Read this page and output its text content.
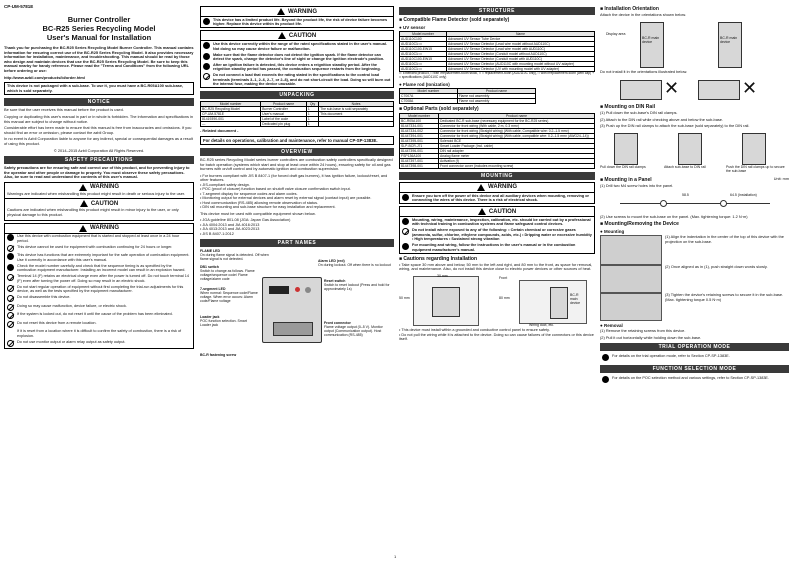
CP-UM-5781E
Burner Controller
BC-R25 Series Recycling Model
User's Manual for Installation

Thank you for purchasing the BC-R25 Series Recycling Model Burner Controller. This manual contains information for ensuring correct use of the BC-R25 Series Recycling Model. It also provides necessary information for installation, maintenance, and troubleshooting. This manual should be read by those who design and maintain devices that use the BC-R25 Series Recycling Model. Be sure to keep this manual nearby for handy reference. Please read the "Terms and Conditions" from the following URL before ordering or use:

http://www.azbil.com/products/bi/order.html

This device is not packaged with a sub-base. To use it, you must have a BC-R05A100 sub-base, which is sold separately.
NOTICE

Be sure that the user receives this manual before the product is used.

Copying or duplicating this user's manual in part or in whole is forbidden. The information and specifications in this manual are subject to change without notice.

Considerable effort has been made to ensure that this manual is free from inaccuracies and omissions. If you should find an error or omission, please contact the azbil Group.

In no event is Azbil Corporation liable to anyone for any indirect, special or consequential damages as a result of using this product.

© 2014–2015 Azbil Corporation All Rights Reserved.

SAFETY PRECAUTIONS

Safety precautions are for ensuring safe and correct use of this product, and for preventing injury to the operator and other people or damage to property. You must observe these safety precautions. Also, be sure to read and understand the contents of this user's manual.

WARNING
Warnings are indicated when mishandling this product might result in death or serious injury to the user.
CAUTION
Cautions are indicated when mishandling this product might result in minor injury to the user, or only physical damage to this product.
WARNING
Use this device with combustion equipment that is started and stopped at least once in a 24 hour period.
This device cannot be used for equipment with combustion continuing for 24 hours or longer.
This device has functions that are extremely important for the safe operation of combustion equipment. Use it correctly in accordance with this user's manual.
Check the model number carefully and check that the sequence timing is as specified by the combustion equipment manufacturer. Installing an incorrect model can result in an explosion hazard.
Terminal 14 (F) retains an electrical charge even after the power is turned off. Do not touch terminal 14 (F) even after turning the power off. Doing so may result in an electric shock.
Do not start regular operation of equipment without first completing the trial-run adjustments for this device, as well as the tests specified by the equipment manufacturer.
Do not disassemble this device.
Doing so may cause malfunction, device failure, or electric shock.
If the system is locked out, do not reset it until the cause of the problem has been eliminated.
Do not reset this device from a remote location.
If it is reset from a location where it is difficult to confirm the safety of combustion, there is a risk of explosion.
Do not use monitor output or alarm relay output as safety output.
WARNING
This device has a limited product life. Beyond the product life, the risk of device failure becomes higher. Replace this device within its product life.
CAUTION
Use this device correctly within the range of the rated specifications stated in the user's manual. Not doing so may cause device failure or malfunction.
Make sure that the flame detector does not detect the ignition spark. If the flame detector can detect the spark, change the detector's line of sight or change the ignition electrode's position.
After an ignition failure is detected, this device enters a reignition standby period. After the reignition standby period has passed, the combustion sequence restarts from the beginning.
Do not connect a load that exceeds the rating stated in the specifications to the control load terminals (terminals 3–1, 2–6, 2–7, or 2–8), and do not short-circuit the load. Doing so will burn out the internal fuse, making the device unusable.
UNPACKING
Model number	Product name	Qty	Notes
BC-R25 Recycling Model	Burner Controller	1	The sub-base is sold separately
CP-UM-5781E	User's manual	1	This document
81419390-001	Label of the code	1	
—	Dedicated pin plug	1	
- Related document -
For details on operations, calibration and maintenance, refer to manual CP-SP-1383E.
OVERVIEW

BC-R25 series Recycling Model series burner controllers are combustion safety controllers specifically designed for batch operation (systems which start and stop at least once within 24 hours), ensuring safety for oil and gas burners with on/off control and by automatic ignition and combustion supervision.

• For burners compliant with JIS B 8407-1 (for forced draft gas burners), it has ignition failure, lockout/reset, and other features.
• JIS-compliant safety design.
• POC (proof of closure) function based on shutoff valve closure confirmation switch input.
• 7-segment display for sequence codes and alarm codes.
• Monitoring output for external devices and alarm reset by external signal (contact input) are possible.
• Host communication (RS-485) allowing remote observation of status.
• DIN rail mounting and sub-base structure for easy installation and replacement.

This device must be used with compatible equipment shown below.

• JGA guideline 801-08 (JGA: Japan Gas Association)
• JIA 4004:2013 and JIA 4016:2013
• JIA 4013:2013 and JIA 4023:2013
• JIS B 8407-1:2012
PART NAMES
FLAME LED
On during flame signal is detected. Off when flame signal is not detected.
DB1 switch
Switch to change as follows. Flame voltage/sequence code/ Flame voltage/alarm code
7-segment LED
When normal: Sequence code/Flame voltage. When error occurs: Alarm code/Flame voltage
Loader jack
POC function selection. Smart Loader jack
BC-R fastening screw
Alarm LED (red)
On during lockout. Off when there is no lockout
Reset switch
Switch to reset lockout (Press and hold for approximately 1s)
Front connector
Flame voltage output (0–5 V). Monitor output (Communication output). Host communication (RS-485)
STRUCTURE
■ Compatible Flame Detector (sold separately)
● UV sensor
Model number	Name
AUD110C100	Advanced UV Sensor Tube Device
AUD110C1□□	Advanced UV Sensor Detector (Lead wire model without AUD110C)
AUD110C100-EW15	Advanced UV Sensor Detector (Lead wire model with AUD110C)
AUD110C1□□	Advanced UV Sensor Detector (Conduit model without AUD110C)
AUD110C100-EW15	Advanced UV Sensor Detector (Conduit model with AUD110C)
AUD110C1□□	Advanced UV Sensor Detector (AUD110C with mounting model without UV adapter)
AUD110C1□□	Advanced UV Sensor Detector (UV with mounting model with UV adapter)
□: Extended product, □ with irreplacement-tooth stock, □ = replacement-tooth (AUD110C only), □ with irreplacement-tooth (with cap) + □ specifications (AUD110C only)
● Flame rod (Ionization)
Model number	Product name
C7007A	Flame rod assembly
C7008A	Flame rod assembly
■ Optional Parts (sold separately)
Model number	Product name
BC-R05A100	Dedicated BC-R sub-base (necessary equipment for the BC-R25 series)
81447334-001	Connector for front wiring (With cable, 2 m, 0.3 mm²)
81447334-002	Connector for front wiring (Straight wiring) (With cable, Compatible wire: 0.2–1.5 mm²)
81447394-001	Connector for front wiring (Straight wiring) (With cable, compatible wire: 0.2–1.5 mm² (AWG24–14))
81447395-001	Solenoid BCE
SLP-BCR-J71	Smart Loader Package (Incl. cable)
81447396-001	DIN rail adapter
FSP136A100	Analog flame meter
81447397-001	Activation (f)
81447398-001	Front connector cover (includes mounting screw)
MOUNTING
WARNING
Ensure you turn off the power of this device and all auxiliary devices when mounting, removing or connecting the wires of this device. There is a risk of electrical shock.
CAUTION
Mounting, wiring, maintenance, inspection, calibration, etc. should be carried out by a professional with technical training in combustion systems and flame safeguard control devices.
Do not install where exposed to any of the following: • Certain chemical or corrosive gases (ammonia, sulfur, chlorine, ethylene compounds, acids, etc.) • Dripping water or excessive humidity • High temperatures • Sustained strong vibration
For mounting and wiring, follow the instructions in the user's manual or in the combustion equipment manufacturer's manual.
■ Cautions regarding Installation
• Take space 30 mm above and below, 50 mm to the left and right, and 80 mm to the front, as space for removal, wiring, and maintenance. Also, do not install this device close to electric power devices or other sources of heat.
50 mm
30 mm	Front
80 mm
BC-R main device
Wiring duct, etc.
• This device must install within a grounded and conductive control panel to ensure safety.
• Do not pull the wiring while it is attached to the device. Doing so can cause failures of the connectors or this device itself.
■ Installation Orientation
Attach the device in the orientations shown below.
Display area
BC-R main device
BC-R main device
Do not install it in the orientations illustrated below.
✕	✕
■ Mounting on DIN Rail
(1) Pull down the sub-base's DIN rail clamps.
(2) Attach to the DIN rail while checking above and below the sub-base.
(3) Push up the DIN rail clamps to attach the sub-base (sold separately) to the DIN rail.
Pull down the DIN rail clamps	Attach sub-base to DIN rail	Push the DIN rail clamps up to secure the sub-base
■ Mounting in a Panel	Unit: mm
(1) Drill two M4 screw holes into the panel.
58.5	64.5 (Installation)
(2) Use screws to mount the sub-base on the panel. (Max. tightening torque: 1.2 N·m)
■ Mounting/Removing the Device
● Mounting
(1) Align the indentation in the center of the top of this device with the projection on the sub-base.
(2) Once aligned as in (1), push straight down words slowly.
(3) Tighten the device's retaining screws to secure it in the sub-base. (Max. tightening torque 0.5 N·m)
● Removal
(1) Remove the retaining screws from this device.
(2) Pull it out horizontally while holding down the sub-base.
TRIAL OPERATION MODE
For details on the trial operation mode, refer to Section CP-SP-1383E.
FUNCTION SELECTION MODE
For details on the POC selection method and various settings, refer to Section CP-SP-1383E.
1
